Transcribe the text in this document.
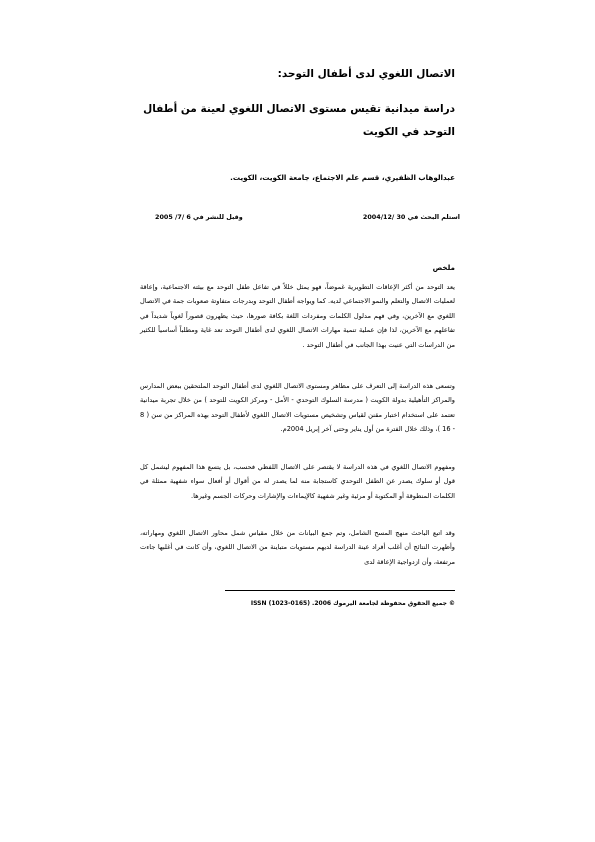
الاتصال اللغوي لدى أطفال التوحد:
دراسة ميدانية تقيس مستوى الاتصال اللغوي لعينة من أطفال التوحد في الكويت
عبدالوهاب الظفيري، قسم علم الاجتماع، جامعة الكويت، الكويت.
استلم البحث في 30 /2004/12
وقبل للنشر في 6 /7/ 2005
ملخص
يعد التوحد من أكثر الإعاقات التطويرية غموضاً، فهو يمثل خللاً في تفاعل طفل التوحد مع بيئته الاجتماعية، وإعاقة لعمليات الاتصال والتعلم والنمو الاجتماعي لديه. كما ويواجه أطفال التوحد وبدرجات متفاوتة صعوبات جمة في الاتصال اللغوي مع الآخرين، وفي فهم مدلول الكلمات ومفردات اللغة بكافة صورها، حيث يظهرون قصوراً لغوياً شديداً في تفاعلهم مع الآخرين، لذا فإن عملية تنمية مهارات الاتصال اللغوي لدى أطفال التوحد تعد غاية ومطلباً أساسياً للكثير من الدراسات التي عنيت بهذا الجانب في أطفال التوحد .
وتسعى هذه الدراسة إلى التعرف على مظاهر ومستوى الاتصال اللغوي لدى أطفال التوحد الملتحقين ببعض المدارس والمراكز التأهيلية بدولة الكويت ( مدرسة السلوك التوحدي - الأمل - ومركز الكويت للتوحد ) من خلال تجربة ميدانية تعتمد على استخدام اختبار مقنن لقياس وتشخيص مستويات الاتصال اللغوي لأطفال التوحد بهذه المراكز من سن ( 8 - 16 )، وذلك خلال الفترة من أول يناير وحتى آخر إبريل 2004م.
ومفهوم الاتصال اللغوي في هذه الدراسة لا يقتصر على الاتصال اللفظي فحسب، بل يتسع هذا المفهوم ليشمل كل قول أو سلوك يصدر عن الطفل التوحدي كاستجابة منه لما يصدر له من أقوال أو أفعال سواء شفهية ممثلة في الكلمات المنطوقة أو المكتوبة أو مرئية وغير شفهية كالإيماءات والإشارات وحركات الجسم وغيرها.
وقد اتبع الباحث منهج المسح الشامل، وتم جمع البيانات من خلال مقياس شمل محاور الاتصال اللغوي ومهاراته، وأظهرت النتائج أن أغلب أفراد عينة الدراسة لديهم مستويات متباينة من الاتصال اللغوي، وأن كانت في أغلبها جاءت مرتفعة، وأن ازدواجية الإعاقة لدى
© جميع الحقوق محفوظة لجامعة اليرموك 2006. ISSN (1023-0165)
